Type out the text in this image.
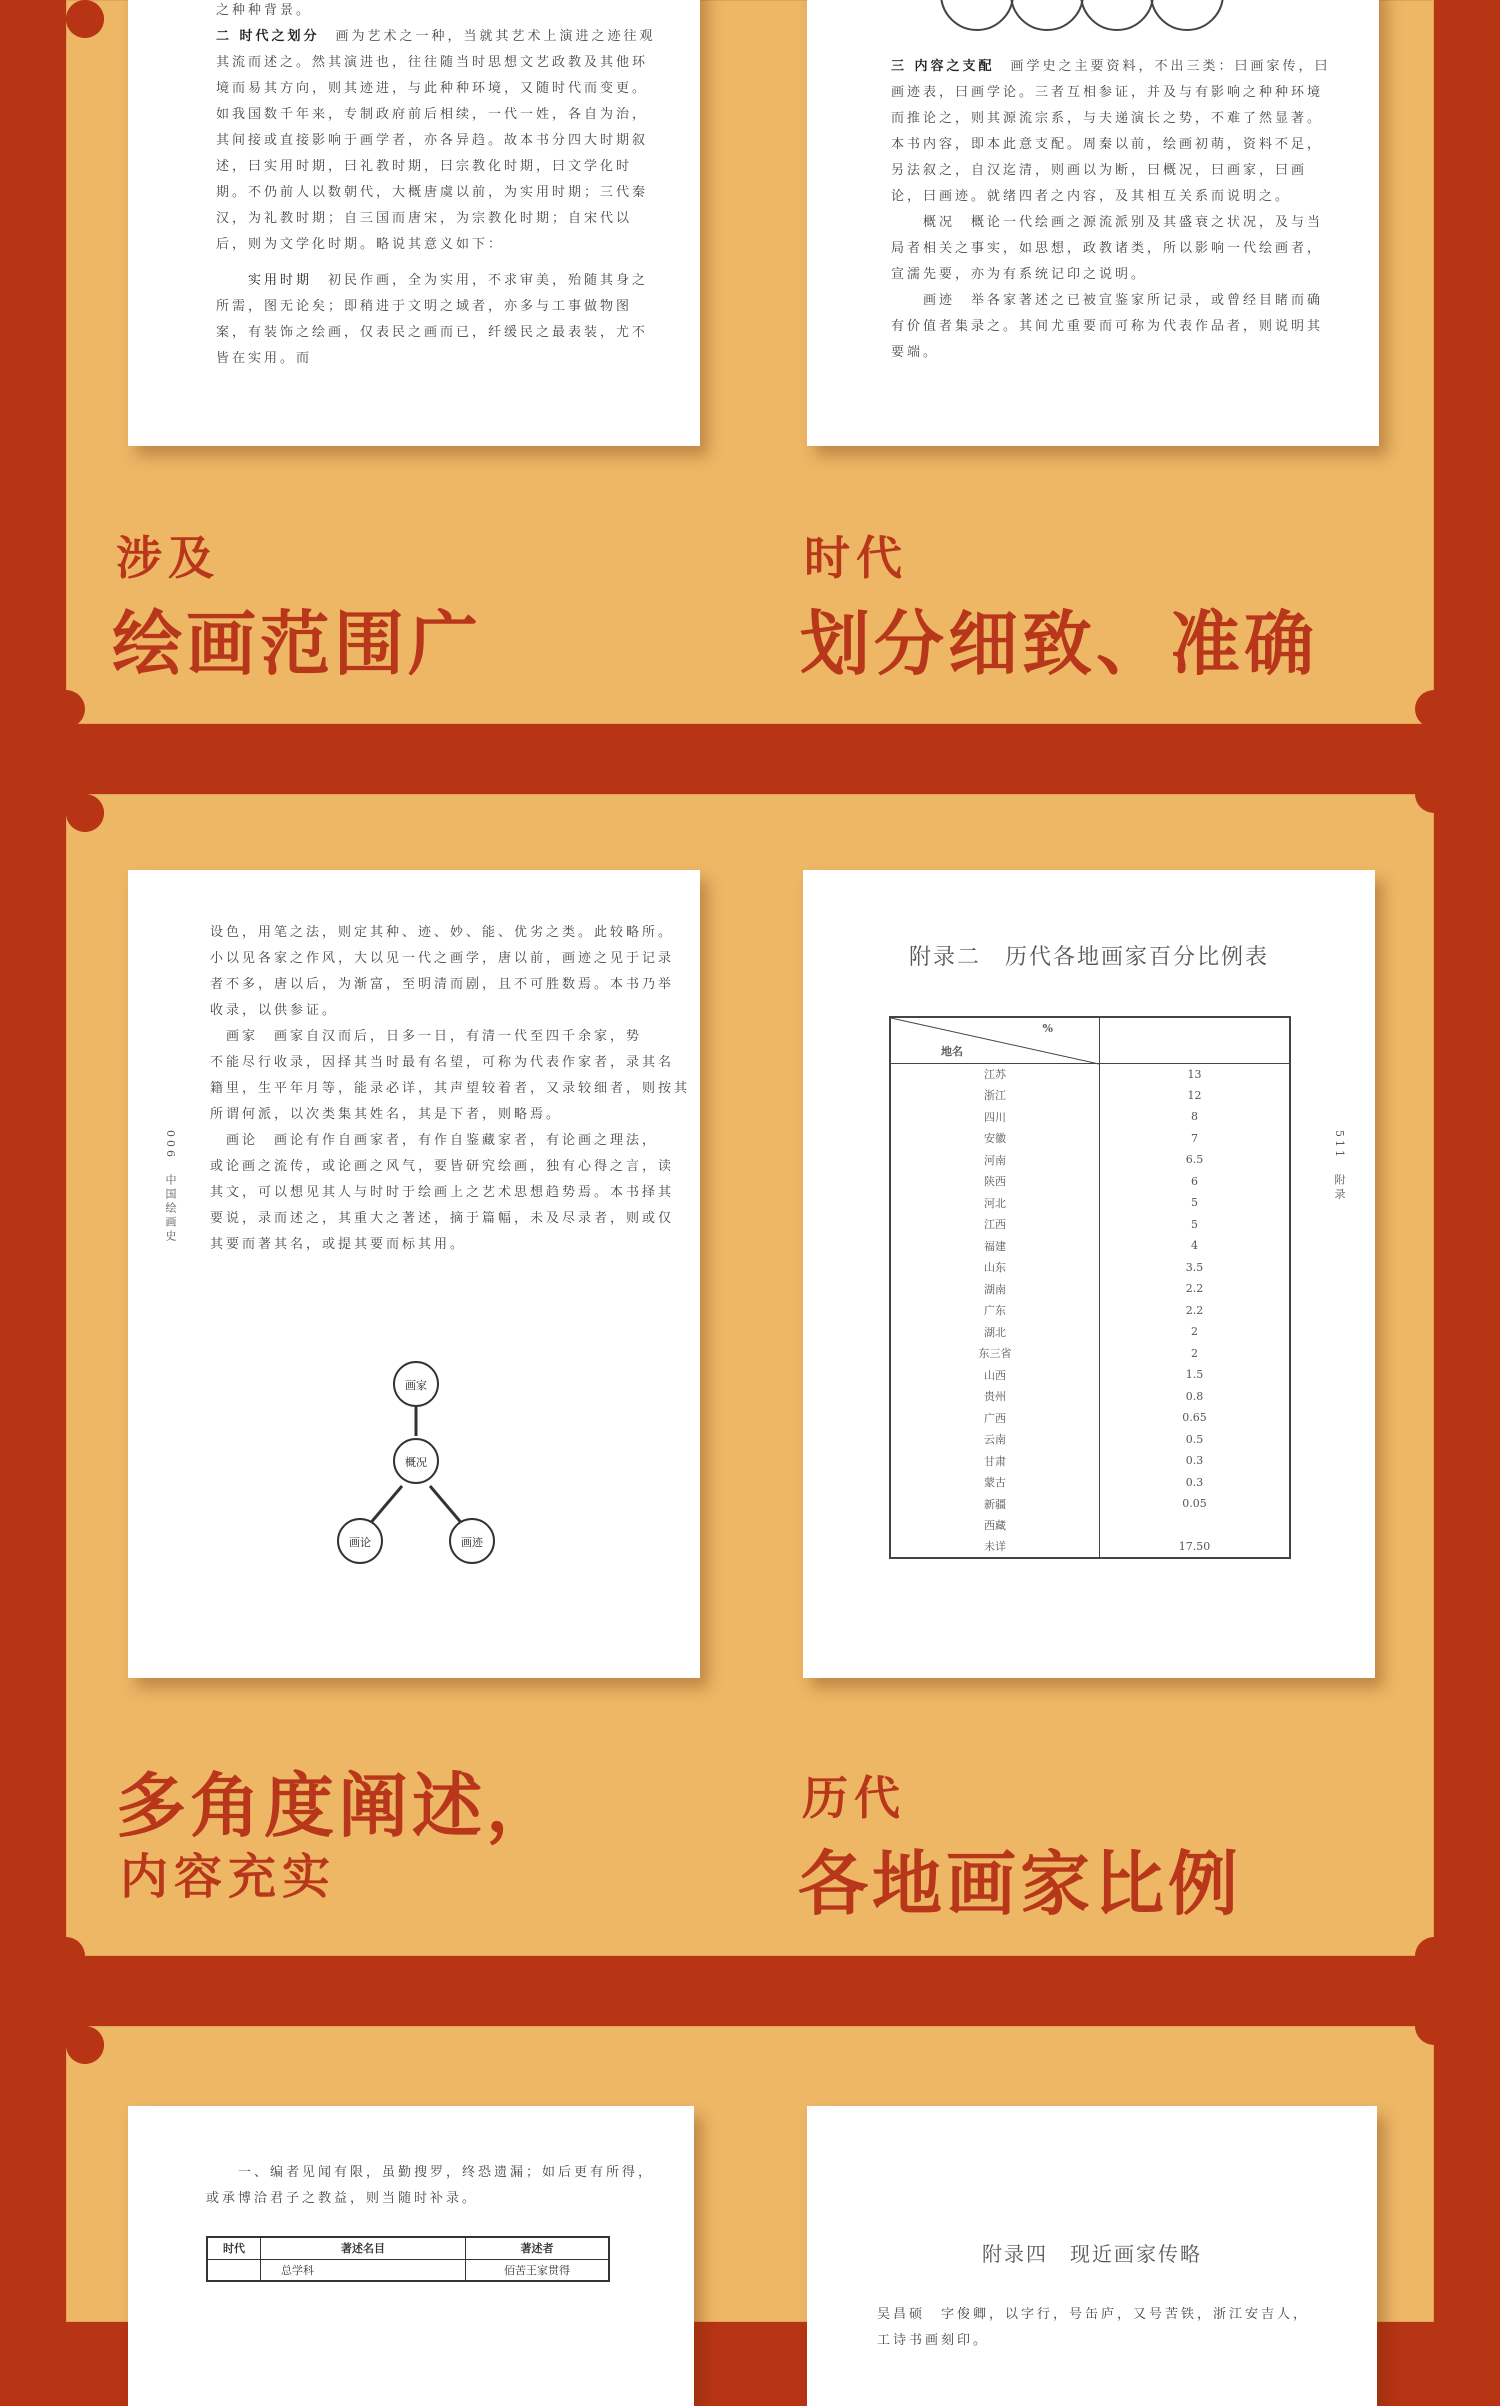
之种种背景。
二 时代之划分　 画为艺术之一种，当就其艺术上演进之迹往观其流而述之。然其演进也，往往随当时思想文艺政教及其他环境而易其方向，则其迹进，与此种种环境，又随时代而变更。如我国数千年来，专制政府前后相续，一代一姓，各自为治，其间接或直接影响于画学者，亦各异趋。故本书分四大时期叙述，曰实用时期，曰礼教时期，曰宗教化时期，曰文学化时期。不仍前人以数朝代，大概唐虞以前，为实用时期；三代秦汉，为礼教时期；自三国而唐宋，为宗教化时期；自宋代以后，则为文学化时期。略说其意义如下：
　　实用时期　 初民作画，全为实用，不求审美，殆随其身之所需，图无论矣；即稍进于文明之域者，亦多与工事做物图案，有装饰之绘画，仅表民之画而已，纤缓民之最表装，尤不皆在实用。而
三 内容之支配　 画学史之主要资料，不出三类：曰画家传，曰画迹表，曰画学论。三者互相参证，并及与有影响之种种环境而推论之，则其源流宗系，与夫递演长之势，不难了然显著。本书内容，即本此意支配。周秦以前，绘画初萌，资料不足，另法叙之，自汉迄清，则画以为断，曰概况，曰画家，曰画论，曰画迹。就绪四者之内容，及其相互关系而说明之。
　　概况　 概论一代绘画之源流派别及其盛衰之状况，及与当局者相关之事实，如思想，政教诸类，所以影响一代绘画者，宣濡先要，亦为有系统记印之说明。
　　画迹　 举各家著述之已被宣鉴家所记录，或曾经目睹而确有价值者集录之。其间尤重要而可称为代表作品者，则说明其要端。
涉及
绘画范围广
时代
划分细致、准确
006　中国绘画史
设色，用笔之法，则定其种、迹、妙、能、优劣之类。此较略所。
小以见各家之作风，大以见一代之画学，唐以前，画迹之见于记录
者不多，唐以后，为渐富，至明清而剧，且不可胜数焉。本书乃举
收录，以供参证。
　画家　画家自汉而后，日多一日，有清一代至四千余家，势
不能尽行收录，因择其当时最有名望，可称为代表作家者，录其名
籍里，生平年月等，能录必详，其声望较着者，又录较细者，则按其
所谓何派，以次类集其姓名，其是下者，则略焉。
　画论　画论有作自画家者，有作自鉴藏家者，有论画之理法，
或论画之流传，或论画之风气，要皆研究绘画，独有心得之言，读
其文，可以想见其人与时时于绘画上之艺术思想趋势焉。本书择其
要说，录而述之，其重大之著述，摘于篇幅，未及尽录者，则或仅
其要而著其名，或提其要而标其用。
画家
概况
画论	画迹
附录二　历代各地画家百分比例表
511　附录
%
地名	

江苏	13
浙江	12
四川	8
安徽	7
河南	6.5
陕西	6
河北	5
江西	5
福建	4
山东	3.5
湖南	2.2
广东	2.2
湖北	2
东三省	2
山西	1.5
贵州	0.8
广西	0.65
云南	0.5
甘肃	0.3
蒙古	0.3
新疆	0.05
西藏	
未详	17.50
多角度阐述，
内容充实
历代
各地画家比例
　　一、编者见闻有限，虽勤搜罗，终恐遗漏；如后更有所得，
或承博洽君子之教益，则当随时补录。
时代	著述名目	著述者
	总学科	佰苦王家贯得
附录四　现近画家传略
吴昌硕　字俊卿，以字行，号缶庐，又号苦铁，浙江安吉人，工诗书画刻印。
